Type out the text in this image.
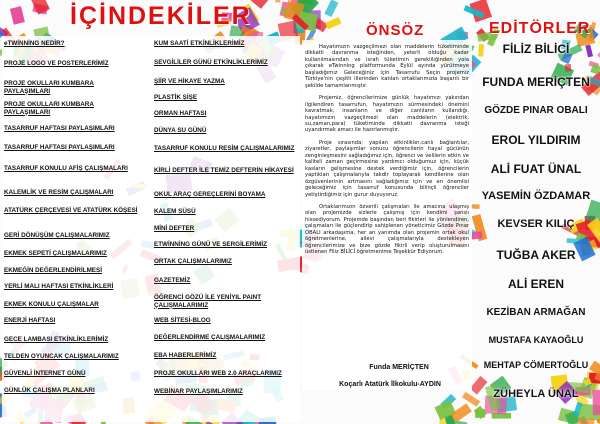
İÇİNDEKİLER
eTWİNNİNG NEDİR?
PROJE LOGO VE POSTERLERİMİZ
PROJE OKULLARI KUMBARA PAYLAŞIMLARI
PROJE OKULLARI KUMBARA PAYLAŞIMLARI
TASARRUF HAFTASI PAYLAŞIMLARI
TASARRUF HAFTASI PAYLAŞIMLARI
TASARRUF KONULU AFİŞ ÇALIŞMALARI
KALEMLİK VE RESİM ÇALIŞMALARI
ATATÜRK ÇERÇEVESİ VE ATATÜRK KÖŞESİ
GERİ DÖNÜŞÜM ÇALIŞMALARIMIZ
EKMEK SEPETİ ÇALIŞMALARIMIZ
EKMEĞİN DEĞERLENDİRİLMESİ
YERLİ MALI HAFTASI ETKİNLİKLERİ
EKMEK KONULU ÇALIŞMALAR
ENERJİ HAFTASI
GECE LAMBASI ETKİNLİKLERİMİZ
TELDEN OYUNCAK ÇALIŞMALARIMIZ
GÜVENLİ İNTERNET GÜNÜ
GÜNLÜK ÇALIŞMA PLANLARI
KUM SAATİ ETKİNLİKLERİMİZ
SEVGİLİLER GÜNÜ ETKİNLİKLERİMİZ
ŞİİR VE HİKAYE YAZMA
PLASTİK ŞİŞE
ORMAN HAFTASI
DÜNYA SU GÜNÜ
TASARRUF KONULU RESİM ÇALIŞMALARIMIZ
KİRLİ DEFTER İLE TEMİZ DEFTERİN HİKAYESİ
OKUL ARAÇ GEREÇLERİNİ BOYAMA
KALEM SÜSÜ
MİNİ DEFTER
ETWİNNİNG GÜNÜ VE SERGİLERİMİZ
ORTAK ÇALIŞMALARIMIZ
GAZETEMİZ
ÖĞRENCİ GÖZÜ İLE YENİYIL PAINT ÇALIŞMALARIMIZ
WEB SİTESİ-BLOG
DEĞERLENDİRME ÇALIŞMALARIMIZ
EBA HABERLERİMİZ
PROJE OKULLARI WEB 2.0 ARAÇLARIMIZ
WEBİNAR PAYLAŞIMLARIMIZ
ÖNSÖZ

Hayatımızın vazgeçilmezi olan maddelerin tüketiminde dikkatli davranma isteğinden, yeterli olduğu kadar kullanılmasından ve israfı tüketimin gerekliliğinden yola çıkarak eTwinning platformunda Eylül ayında yürütmeye başladığımız Geleceğiniz için Tasarrufu Seçin projemiz Türkiye'nin çeşitli illerinden katılan ortaklarımızla başarılı bir şekilde tamamlanmıştır.

Projemiz, öğrencilerimize günlük hayatımızı yakından ilgilendiren tasarrufun, hayatımızın sürmesindeki önemini kavratmak, insanların ve diğer canlıların kullandığı, hayatımızın vazgeçilmezi olan maddelerin (elektrik, su,zaman,para) tüketiminde dikkatli davranma isteği uyandırmak amacı ile hazırlanmıştır.

Proje sırasında; yapılan etkinlikler,canlı bağlantılar, ziyaretler, paylaşımlar sonucu öğrencilerin hayal gücünün zenginleşmesini sağladığımız için, öğrenci ve velilerin etkin ve kaliteli zaman geçirmesine yardımcı olduğumuz için, küçük kasların gelişmesine destek verdiğimiz için, öğrencilerin yaptıkları çalışmalarıyla takdir toplayarak kendilerine olan özgüvenlerinin artmasını sağladığımız için ve en önemlisi geleceğimiz için tasarruf konusunda bilinçli öğrenciler yetiştirdiğimiz için gurur duyuyoruz.

Ortaklarımızın özverili çalışmaları ile amacına ulaşmış olan projemizde sizlerle çalışmış için kendimi şanslı hissediyorum. Projemde başından beri fikirleri ile yönlendiren, çalışmaları ile güçlendirip sahiplenen yöneticimiz Gözde Pınar OBALI arkadaşıma, her an yanımda olan projemin ortak okul öğretmenlerine, ailevi çalışmalarıyla destekleyen öğrencilerimize ve bize gözde fikirli verip oluşturulmasını üstlenen Filiz BİLİCİ öğretmenime Teşekkür Ediyorum.

Funda MERİÇTEN
Koçarlı Atatürk İlkokulu-AYDIN
EDİTÖRLER
FİLİZ BİLİCİ
FUNDA MERİÇTEN
GÖZDE PINAR OBALI
EROL YILDIRIM
ALİ FUAT ÜNAL
YASEMİN ÖZDAMAR
KEVSER KILIÇ
TUĞBA AKER
ALİ EREN
KEZİBAN ARMAĞAN
MUSTAFA KAYAOĞLU
MEHTAP CÖMERTOĞLU
ZÜHEYLA ÜNAL
